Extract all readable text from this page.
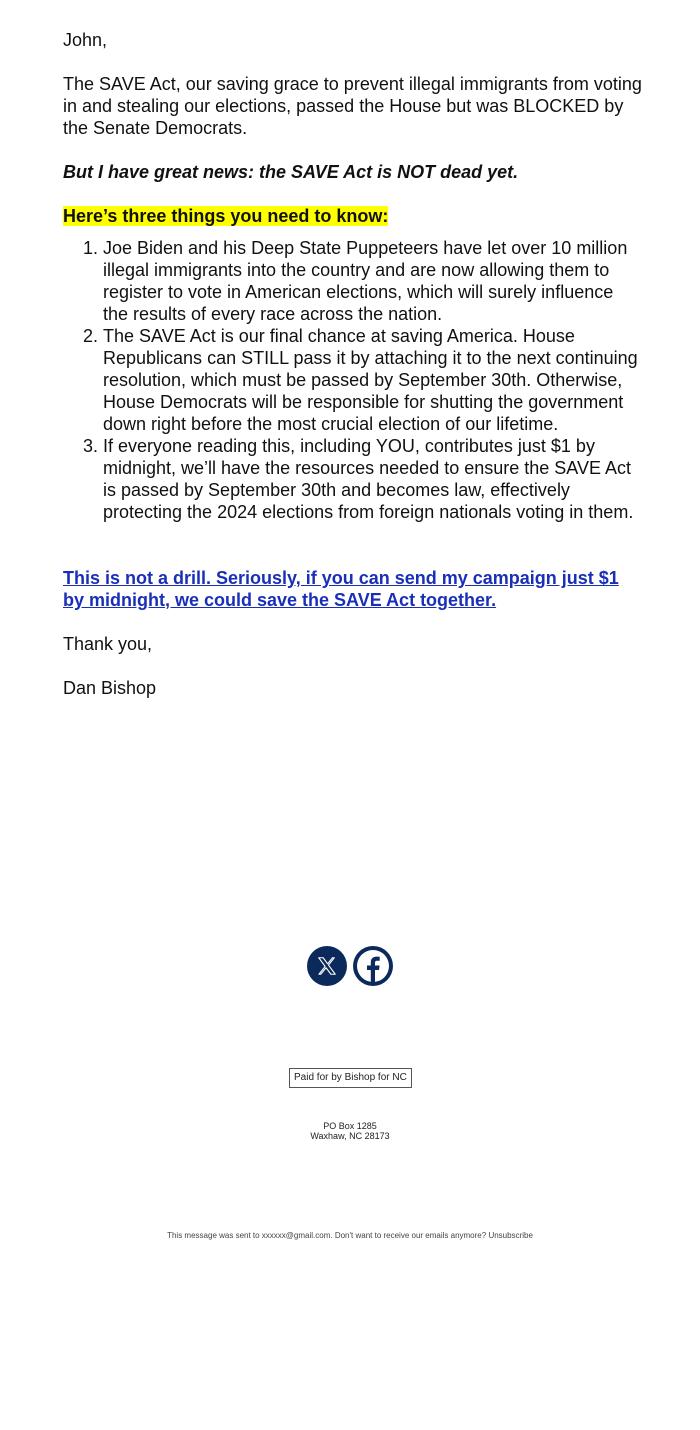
John,

The SAVE Act, our saving grace to prevent illegal immigrants from voting in and stealing our elections, passed the House but was BLOCKED by the Senate Democrats.

But I have great news: the SAVE Act is NOT dead yet.

Here’s three things you need to know:

1. Joe Biden and his Deep State Puppeteers have let over 10 million illegal immigrants into the country and are now allowing them to register to vote in American elections, which will surely influence the results of every race across the nation.
2. The SAVE Act is our final chance at saving America. House Republicans can STILL pass it by attaching it to the next continuing resolution, which must be passed by September 30th. Otherwise, House Democrats will be responsible for shutting the government down right before the most crucial election of our lifetime.
3. If everyone reading this, including YOU, contributes just $1 by midnight, we’ll have the resources needed to ensure the SAVE Act is passed by September 30th and becomes law, effectively protecting the 2024 elections from foreign nationals voting in them.

This is not a drill. Seriously, if you can send my campaign just $1 by midnight, we could save the SAVE Act together.

Thank you,

Dan Bishop

Paid for by Bishop for NC
PO Box 1285
Waxhaw, NC 28173
This message was sent to xxxxxx@gmail.com. Don't want to receive our emails anymore? Unsubscribe
